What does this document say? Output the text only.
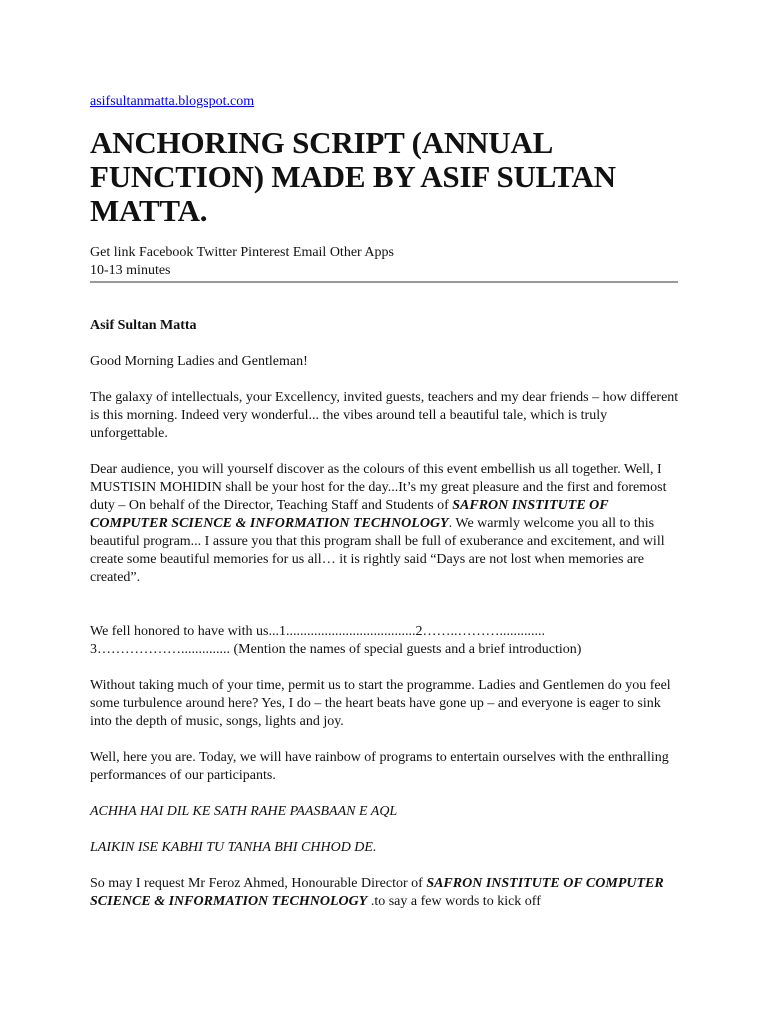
asifsultanmatta.blogspot.com
ANCHORING SCRIPT (ANNUAL FUNCTION) MADE BY ASIF SULTAN MATTA.
Get link Facebook Twitter Pinterest Email Other Apps
10-13 minutes
Asif Sultan Matta

Good Morning Ladies and Gentleman!

The galaxy of intellectuals, your Excellency, invited guests, teachers and my dear friends – how different is this morning. Indeed very wonderful... the vibes around tell a beautiful tale, which is truly unforgettable.

Dear audience, you will yourself discover as the colours of this event embellish us all together. Well, I MUSTISIN MOHIDIN shall be your host for the day...It’s my great pleasure and the first and foremost duty – On behalf of the Director, Teaching Staff and Students of SAFRON INSTITUTE OF COMPUTER SCIENCE & INFORMATION TECHNOLOGY. We warmly welcome you all to this beautiful program... I assure you that this program shall be full of exuberance and excitement, and will create some beautiful memories for us all… it is rightly said “Days are not lost when memories are created”.

We fell honored to have with us...1.....................................2……..……….............
3……………….............. (Mention the names of special guests and a brief introduction)

Without taking much of your time, permit us to start the programme. Ladies and Gentlemen do you feel some turbulence around here? Yes, I do – the heart beats have gone up – and everyone is eager to sink into the depth of music, songs, lights and joy.

Well, here you are. Today, we will have rainbow of programs to entertain ourselves with the enthralling performances of our participants.

ACHHA HAI DIL KE SATH RAHE PAASBAAN E AQL

LAIKIN ISE KABHI TU TANHA BHI CHHOD DE.

So may I request Mr Feroz Ahmed, Honourable Director of SAFRON INSTITUTE OF COMPUTER SCIENCE & INFORMATION TECHNOLOGY .to say a few words to kick off
